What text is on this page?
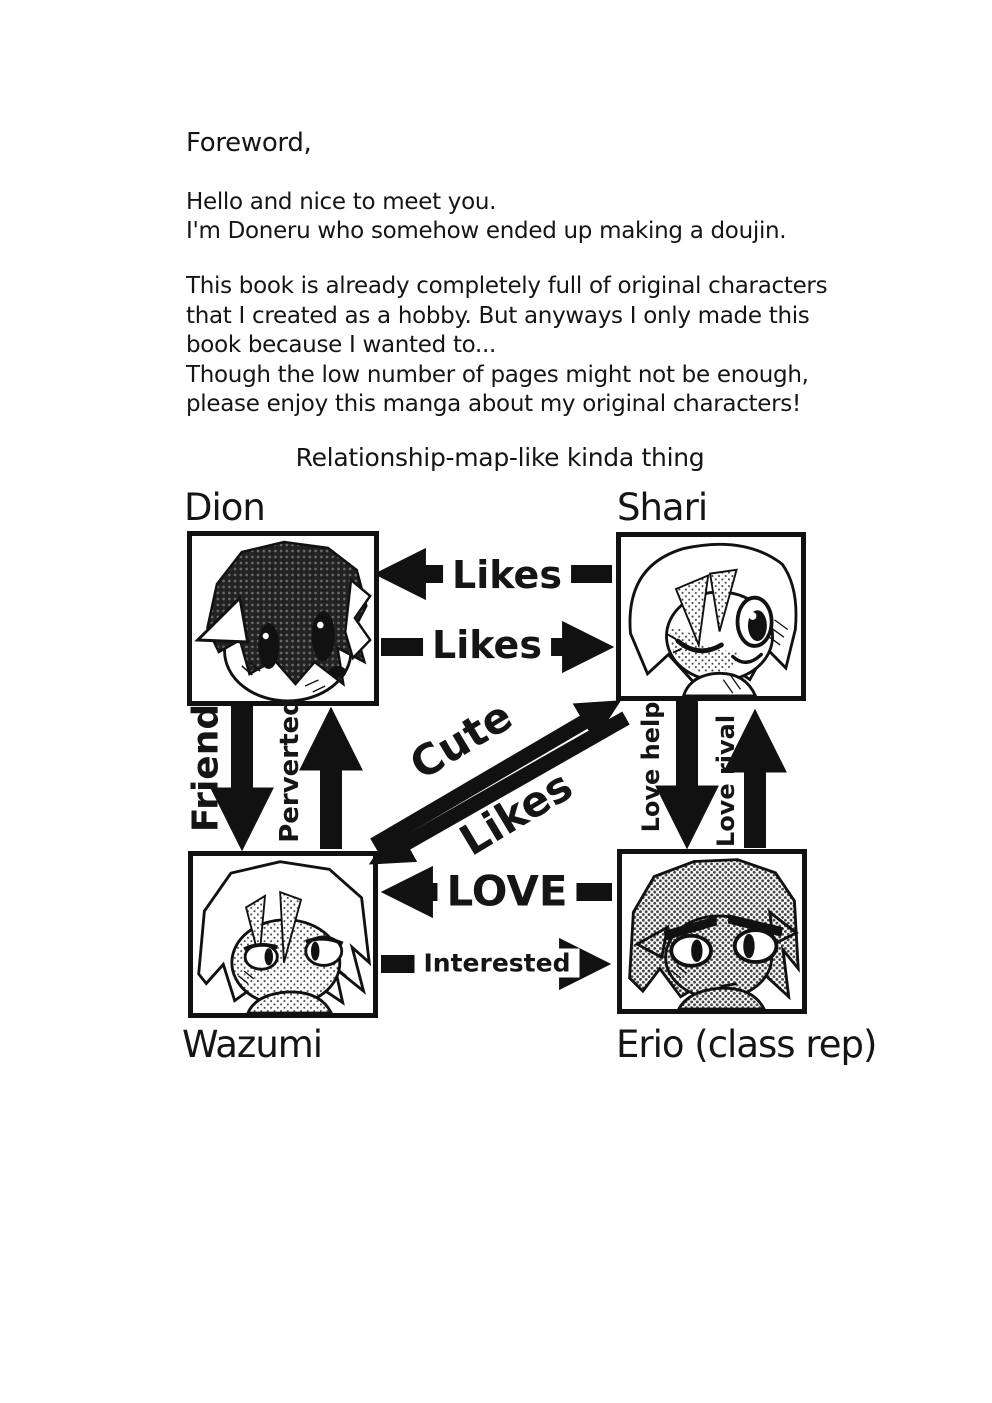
Foreword,
Hello and nice to meet you.
I'm Doneru who somehow ended up making a doujin.
This book is already completely full of original characters
that I created as a hobby. But anyways I only made this
book because I wanted to...
Though the low number of pages might not be enough,
please enjoy this manga about my original characters!
Relationship-map-like kinda thing
Dion	Shari
Wazumi	Erio (class rep)
Likes
Likes
Friend Perverted Cute
Likes Love help Love rival
LOVE
Interested
